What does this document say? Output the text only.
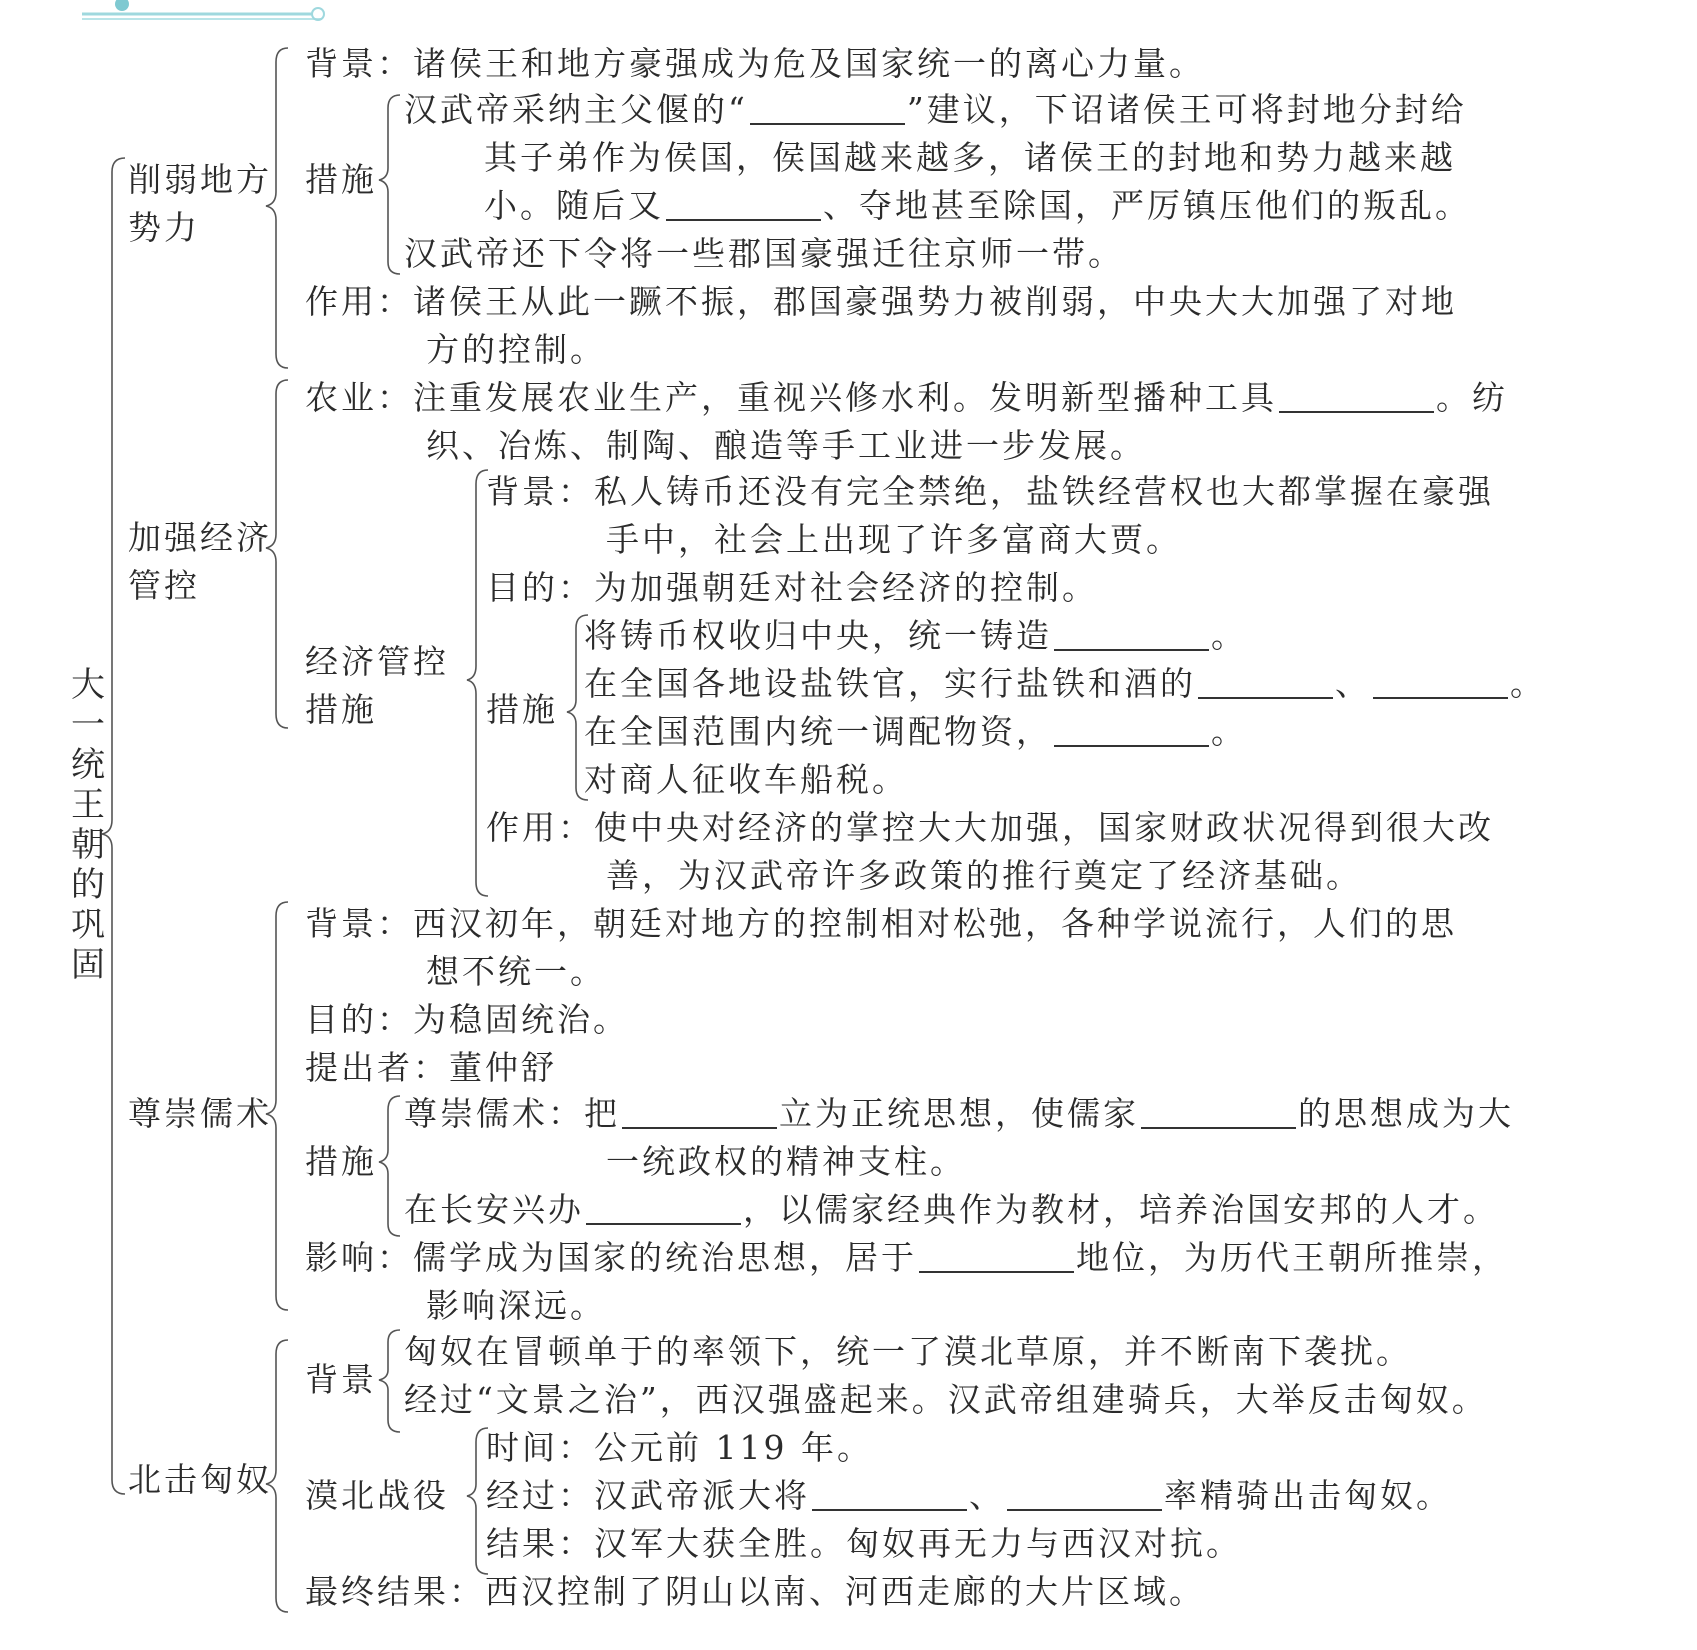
大一统王朝的巩固
削弱地方
势力
背景：诸侯王和地方豪强成为危及国家统一的离心力量。
措施
汉武帝采纳主父偃的“	”建议，下诏诸侯王可将封地分封给
其子弟作为侯国，侯国越来越多，诸侯王的封地和势力越来越
小。随后又	、夺地甚至除国，严厉镇压他们的叛乱。
汉武帝还下令将一些郡国豪强迁往京师一带。
作用：诸侯王从此一蹶不振，郡国豪强势力被削弱，中央大大加强了对地
方的控制。
加强经济
管控
农业：注重发展农业生产，重视兴修水利。发明新型播种工具	。纺
织、冶炼、制陶、酿造等手工业进一步发展。
经济管控
措施
背景：私人铸币还没有完全禁绝，盐铁经营权也大都掌握在豪强
手中，社会上出现了许多富商大贾。
目的：为加强朝廷对社会经济的控制。
措施
将铸币权收归中央，统一铸造	。
在全国各地设盐铁官，实行盐铁和酒的	、	。
在全国范围内统一调配物资，	。
对商人征收车船税。
作用：使中央对经济的掌控大大加强，国家财政状况得到很大改
善，为汉武帝许多政策的推行奠定了经济基础。
尊崇儒术
背景：西汉初年，朝廷对地方的控制相对松弛，各种学说流行，人们的思
想不统一。
目的：为稳固统治。
提出者：董仲舒
措施
尊崇儒术：把	立为正统思想，使儒家	的思想成为大
一统政权的精神支柱。
在长安兴办	，以儒家经典作为教材，培养治国安邦的人才。
影响：儒学成为国家的统治思想，居于	地位，为历代王朝所推崇，
影响深远。
北击匈奴
背景
匈奴在冒顿单于的率领下，统一了漠北草原，并不断南下袭扰。
经过“文景之治”，西汉强盛起来。汉武帝组建骑兵，大举反击匈奴。
漠北战役
时间：公元前 119 年。
经过：汉武帝派大将	、	率精骑出击匈奴。
结果：汉军大获全胜。匈奴再无力与西汉对抗。
最终结果：西汉控制了阴山以南、河西走廊的大片区域。
